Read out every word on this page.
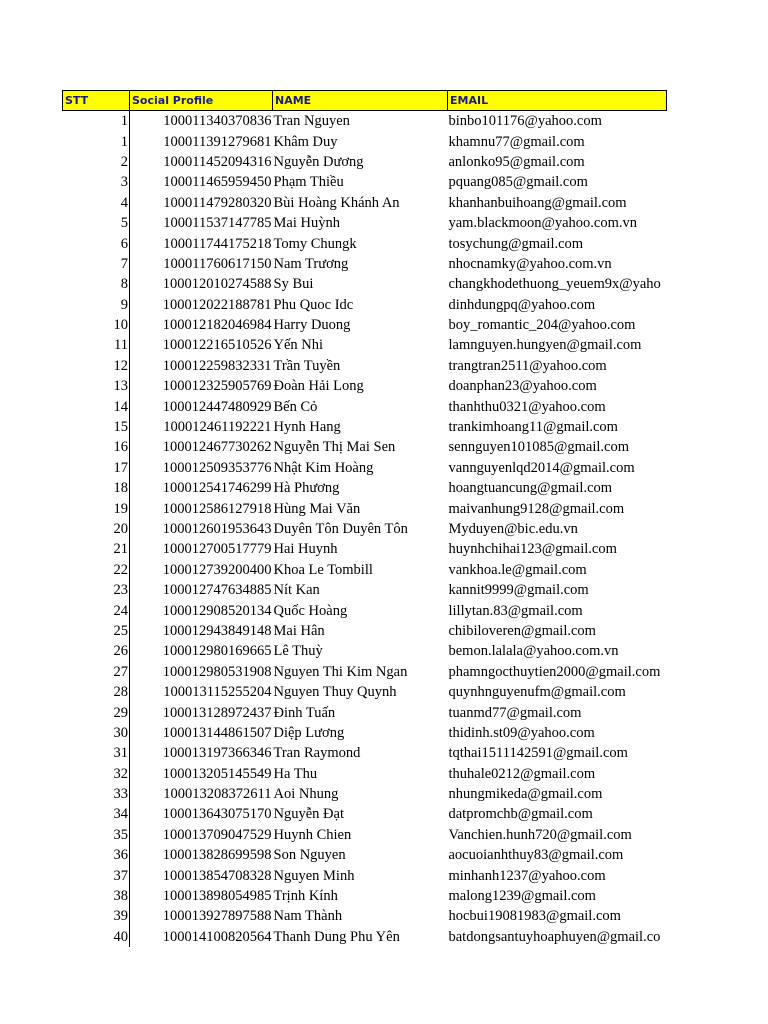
STT	Social Profile	NAME	EMAIL
1	100011340370836	Tran Nguyen	binbo101176@yahoo.com
1	100011391279681	Khâm Duy	khamnu77@gmail.com
2	100011452094316	Nguyễn Dương	anlonko95@gmail.com
3	100011465959450	Phạm Thiều	pquang085@gmail.com
4	100011479280320	Bùi Hoàng Khánh An	khanhanbuihoang@gmail.com
5	100011537147785	Mai Huỳnh	yam.blackmoon@yahoo.com.vn
6	100011744175218	Tomy Chungk	tosychung@gmail.com
7	100011760617150	Nam Trương	nhocnamky@yahoo.com.vn
8	100012010274588	Sy Bui	changkhodethuong_yeuem9x@yaho
9	100012022188781	Phu Quoc Idc	dinhdungpq@yahoo.com
10	100012182046984	Harry Duong	boy_romantic_204@yahoo.com
11	100012216510526	Yến Nhi	lamnguyen.hungyen@gmail.com
12	100012259832331	Trần Tuyền	trangtran2511@yahoo.com
13	100012325905769	Đoàn Hải Long	doanphan23@yahoo.com
14	100012447480929	Bến Cỏ	thanhthu0321@yahoo.com
15	100012461192221	Hynh Hang	trankimhoang11@gmail.com
16	100012467730262	Nguyễn Thị Mai Sen	sennguyen101085@gmail.com
17	100012509353776	Nhật Kim Hoàng	vannguyenlqd2014@gmail.com
18	100012541746299	Hà Phương	hoangtuancung@gmail.com
19	100012586127918	Hùng Mai Văn	maivanhung9128@gmail.com
20	100012601953643	Duyên Tôn Duyên Tôn	Myduyen@bic.edu.vn
21	100012700517779	Hai Huynh	huynhchihai123@gmail.com
22	100012739200400	Khoa Le Tombill	vankhoa.le@gmail.com
23	100012747634885	Nít Kan	kannit9999@gmail.com
24	100012908520134	Quốc Hoàng	lillytan.83@gmail.com
25	100012943849148	Mai Hân	chibiloveren@gmail.com
26	100012980169665	Lê Thuỳ	bemon.lalala@yahoo.com.vn
27	100012980531908	Nguyen Thi Kim Ngan	phamngocthuytien2000@gmail.com
28	100013115255204	Nguyen Thuy Quynh	quynhnguyenufm@gmail.com
29	100013128972437	Đinh Tuấn	tuanmd77@gmail.com
30	100013144861507	Diệp Lương	thidinh.st09@yahoo.com
31	100013197366346	Tran Raymond	tqthai1511142591@gmail.com
32	100013205145549	Ha Thu	thuhale0212@gmail.com
33	100013208372611	Aoi Nhung	nhungmikeda@gmail.com
34	100013643075170	Nguyễn Đạt	datpromchb@gmail.com
35	100013709047529	Huynh Chien	Vanchien.hunh720@gmail.com
36	100013828699598	Son Nguyen	aocuoianhthuy83@gmail.com
37	100013854708328	Nguyen Minh	minhanh1237@yahoo.com
38	100013898054985	Trịnh Kính	malong1239@gmail.com
39	100013927897588	Nam Thành	hocbui19081983@gmail.com
40	100014100820564	Thanh Dung Phu Yên	batdongsantuyhoaphuyen@gmail.co
